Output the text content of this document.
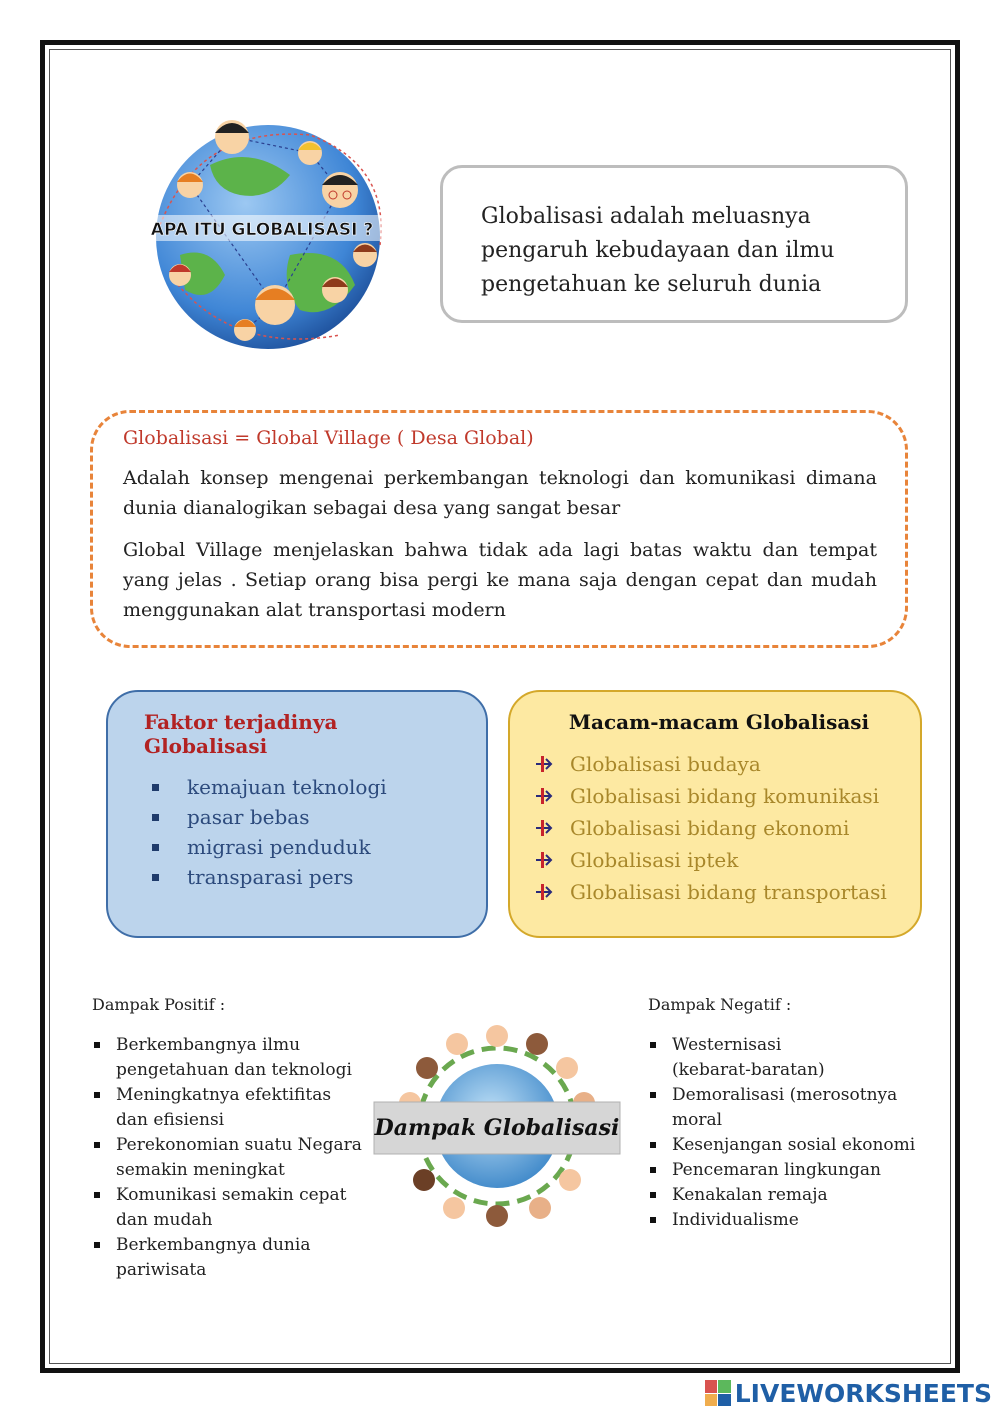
APA ITU GLOBALISASI ?
Globalisasi adalah meluasnya
pengaruh kebudayaan dan ilmu
pengetahuan ke seluruh dunia

Globalisasi = Global Village ( Desa Global)

Adalah konsep mengenai perkembangan teknologi dan komunikasi dimana dunia dianalogikan sebagai desa yang sangat besar

Global Village menjelaskan bahwa tidak ada lagi batas waktu dan tempat yang jelas . Setiap orang bisa pergi ke mana saja dengan cepat dan mudah menggunakan alat transportasi modern

Faktor terjadinya Globalisasi

kemajuan teknologi
pasar bebas
migrasi penduduk
transparasi pers

Macam-macam Globalisasi

Globalisasi budaya
Globalisasi bidang komunikasi
Globalisasi bidang ekonomi
Globalisasi iptek
Globalisasi bidang transportasi
Dampak Positif :
Berkembangnya ilmu
pengetahuan dan teknologi
Meningkatnya efektifitas
dan efisiensi
Perekonomian suatu Negara
semakin meningkat
Komunikasi semakin cepat
dan mudah
Berkembangnya dunia
pariwisata
Dampak Globalisasi
Dampak Negatif :
Westernisasi
(kebarat-baratan)
Demoralisasi (merosotnya
moral
Kesenjangan sosial ekonomi
Pencemaran lingkungan
Kenakalan remaja
Individualisme
LIVEWORKSHEETS
